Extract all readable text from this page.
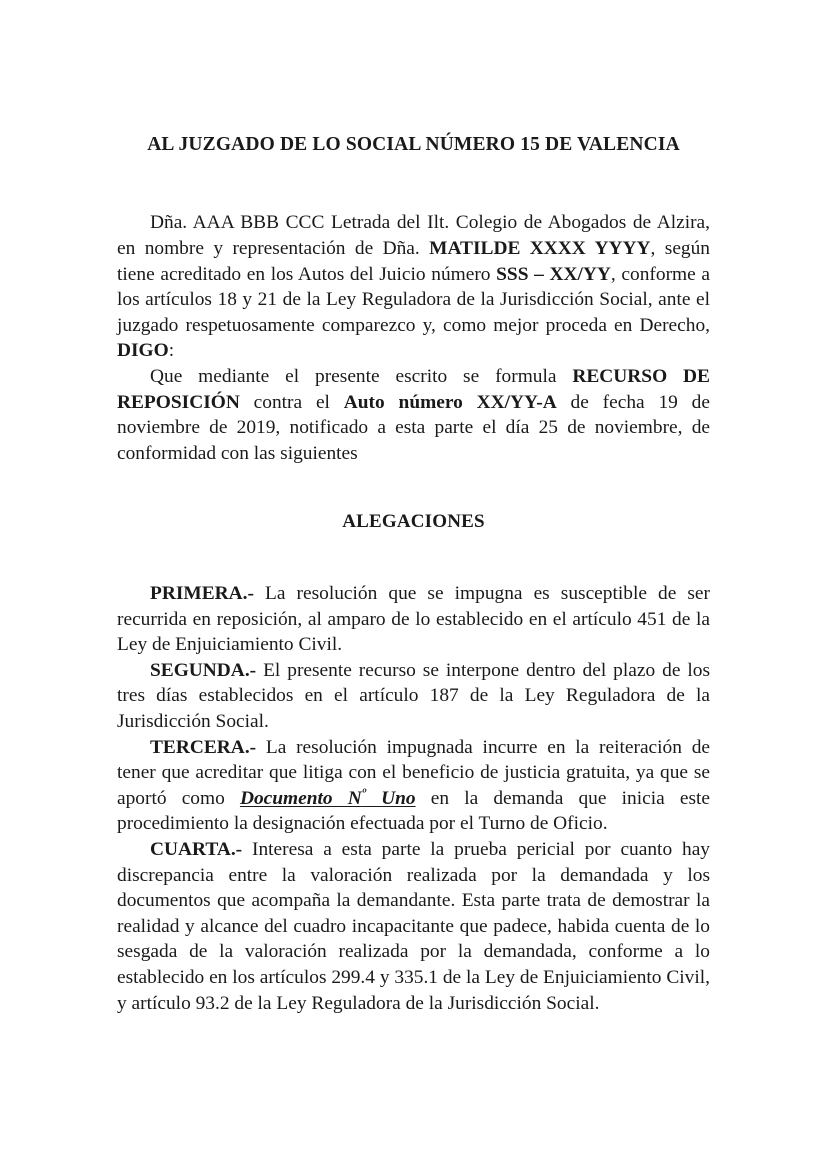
AL JUZGADO DE LO SOCIAL NÚMERO 15 DE VALENCIA

Dña. AAA BBB CCC Letrada del Ilt. Colegio de Abogados de Alzira, en nombre y representación de Dña. MATILDE XXXX YYYY, según tiene acreditado en los Autos del Juicio número SSS – XX/YY, conforme a los artículos 18 y 21 de la Ley Reguladora de la Jurisdicción Social, ante el juzgado respetuosamente comparezco y, como mejor proceda en Derecho, DIGO:

Que mediante el presente escrito se formula RECURSO DE REPOSICIÓN contra el Auto número XX/YY-A de fecha 19 de noviembre de 2019, notificado a esta parte el día 25 de noviembre, de conformidad con las siguientes

ALEGACIONES

PRIMERA.- La resolución que se impugna es susceptible de ser recurrida en reposición, al amparo de lo establecido en el artículo 451 de la Ley de Enjuiciamiento Civil.

SEGUNDA.- El presente recurso se interpone dentro del plazo de los tres días establecidos en el artículo 187 de la Ley Reguladora de la Jurisdicción Social.

TERCERA.- La resolución impugnada incurre en la reiteración de tener que acreditar que litiga con el beneficio de justicia gratuita, ya que se aportó como Documento $N^º$ Uno en la demanda que inicia este procedimiento la designación efectuada por el Turno de Oficio.

CUARTA.- Interesa a esta parte la prueba pericial por cuanto hay discrepancia entre la valoración realizada por la demandada y los documentos que acompaña la demandante. Esta parte trata de demostrar la realidad y alcance del cuadro incapacitante que padece, habida cuenta de lo sesgada de la valoración realizada por la demandada, conforme a lo establecido en los artículos 299.4 y 335.1 de la Ley de Enjuiciamiento Civil, y artículo 93.2 de la Ley Reguladora de la Jurisdicción Social.
